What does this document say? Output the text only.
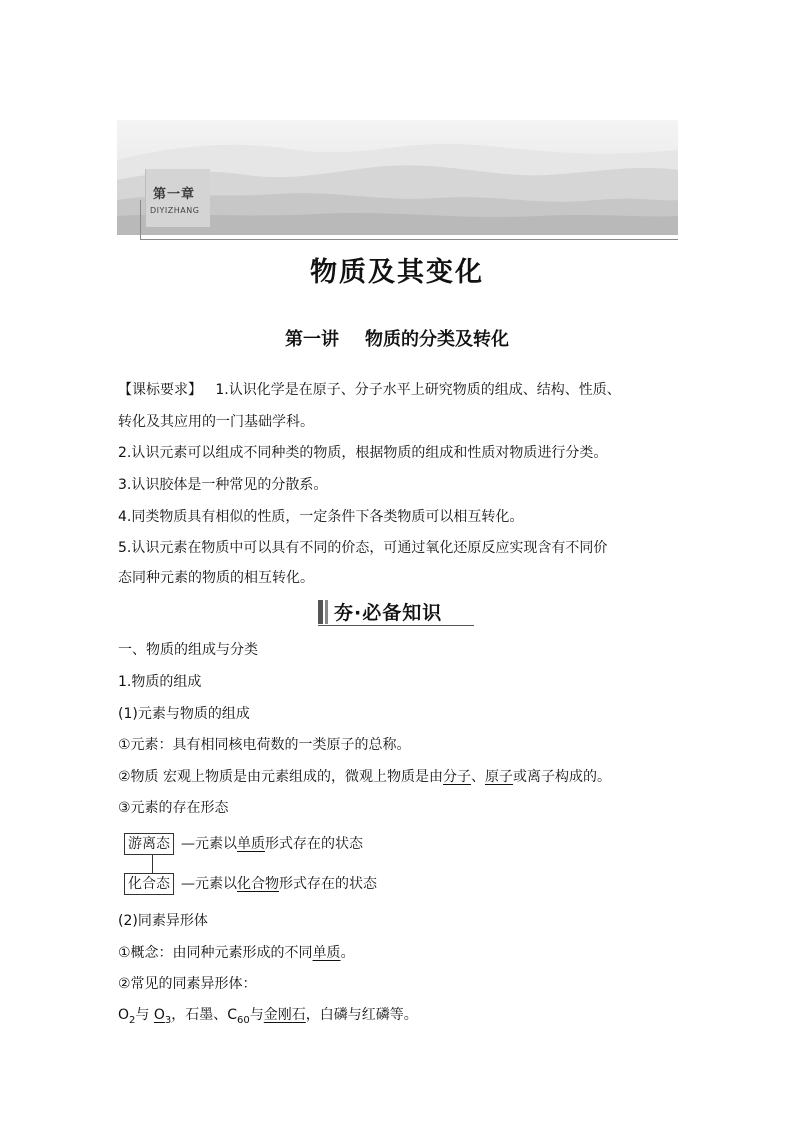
第一章
DIYIZHANG
物质及其变化
第一讲 物质的分类及转化
【课标要求】 1.认识化学是在原子、分子水平上研究物质的组成、结构、性质、
转化及其应用的一门基础学科。
2.认识元素可以组成不同种类的物质，根据物质的组成和性质对物质进行分类。
3.认识胶体是一种常见的分散系。
4.同类物质具有相似的性质，一定条件下各类物质可以相互转化。
5.认识元素在物质中可以具有不同的价态，可通过氧化还原反应实现含有不同价
态同种元素的物质的相互转化。
夯·必备知识
一、物质的组成与分类
1.物质的组成
(1)元素与物质的组成
①元素：具有相同核电荷数的一类原子的总称。
②物质 宏观上物质是由元素组成的，微观上物质是由分子、原子或离子构成的。
③元素的存在形态
游离态 —元素以单质形式存在的状态
化合态 —元素以化合物形式存在的状态
(2)同素异形体
①概念：由同种元素形成的不同单质。
②常见的同素异形体：
$O_2$与 $O_3$，石墨、$C_{60}$与金刚石，白磷与红磷等。
